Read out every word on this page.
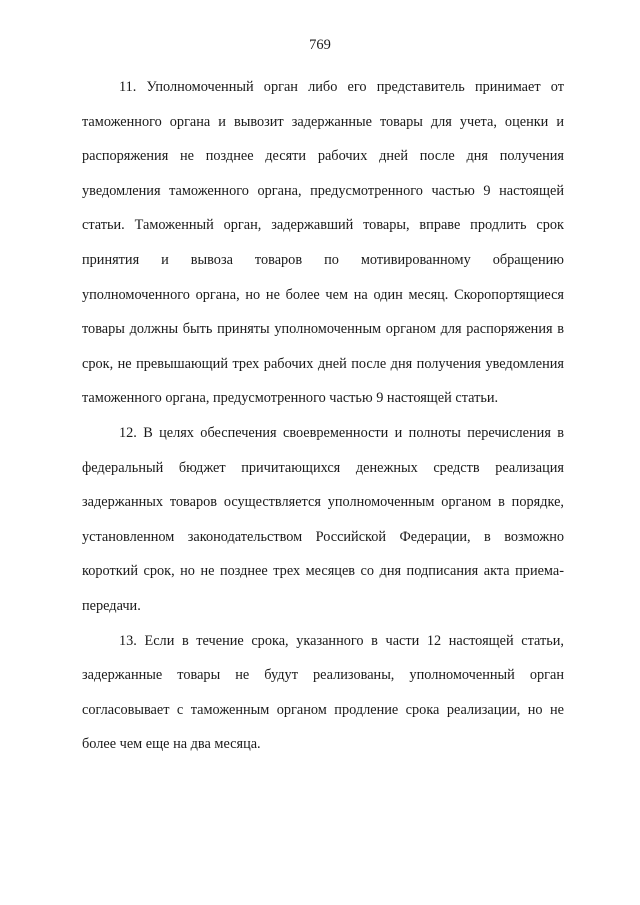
769

11. Уполномоченный орган либо его представитель принимает от таможенного органа и вывозит задержанные товары для учета, оценки и распоряжения не позднее десяти рабочих дней после дня получения уведомления таможенного органа, предусмотренного частью 9 настоящей статьи. Таможенный орган, задержавший товары, вправе продлить срок принятия и вывоза товаров по мотивированному обращению уполномоченного органа, но не более чем на один месяц. Скоропортящиеся товары должны быть приняты уполномоченным органом для распоряжения в срок, не превышающий трех рабочих дней после дня получения уведомления таможенного органа, предусмотренного частью 9 настоящей статьи.

12. В целях обеспечения своевременности и полноты перечисления в федеральный бюджет причитающихся денежных средств реализация задержанных товаров осуществляется уполномоченным органом в порядке, установленном законодательством Российской Федерации, в возможно короткий срок, но не позднее трех месяцев со дня подписания акта приема-передачи.

13. Если в течение срока, указанного в части 12 настоящей статьи, задержанные товары не будут реализованы, уполномоченный орган согласовывает с таможенным органом продление срока реализации, но не более чем еще на два месяца.
